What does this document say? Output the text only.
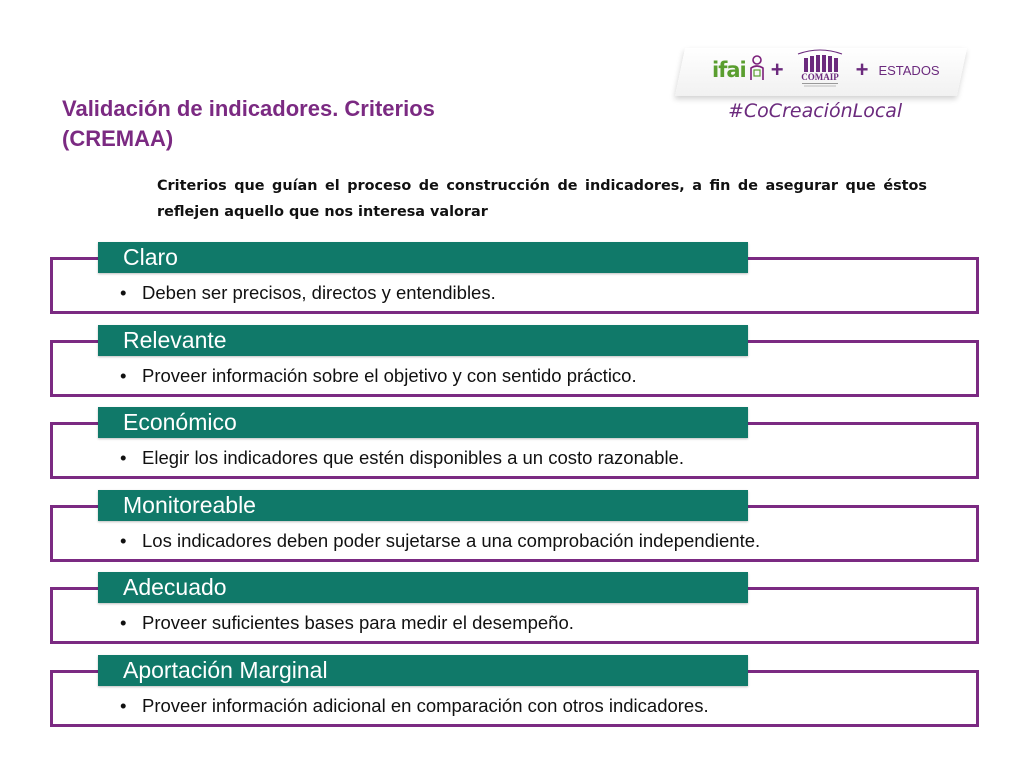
ifai + COMAIP + ESTADOS
#CoCreaciónLocal
Validación de indicadores. Criterios (CREMAA)
Criterios que guían el proceso de construcción de indicadores, a fin de asegurar que éstos reflejen aquello que nos interesa valorar
Claro
• Deben ser precisos, directos y entendibles.
Relevante
• Proveer información sobre el objetivo y con sentido práctico.
Económico
• Elegir los indicadores que estén disponibles a un costo razonable.
Monitoreable
• Los indicadores deben poder sujetarse a una comprobación independiente.
Adecuado
• Proveer suficientes bases para medir el desempeño.
Aportación Marginal
• Proveer información adicional en comparación con otros indicadores.
